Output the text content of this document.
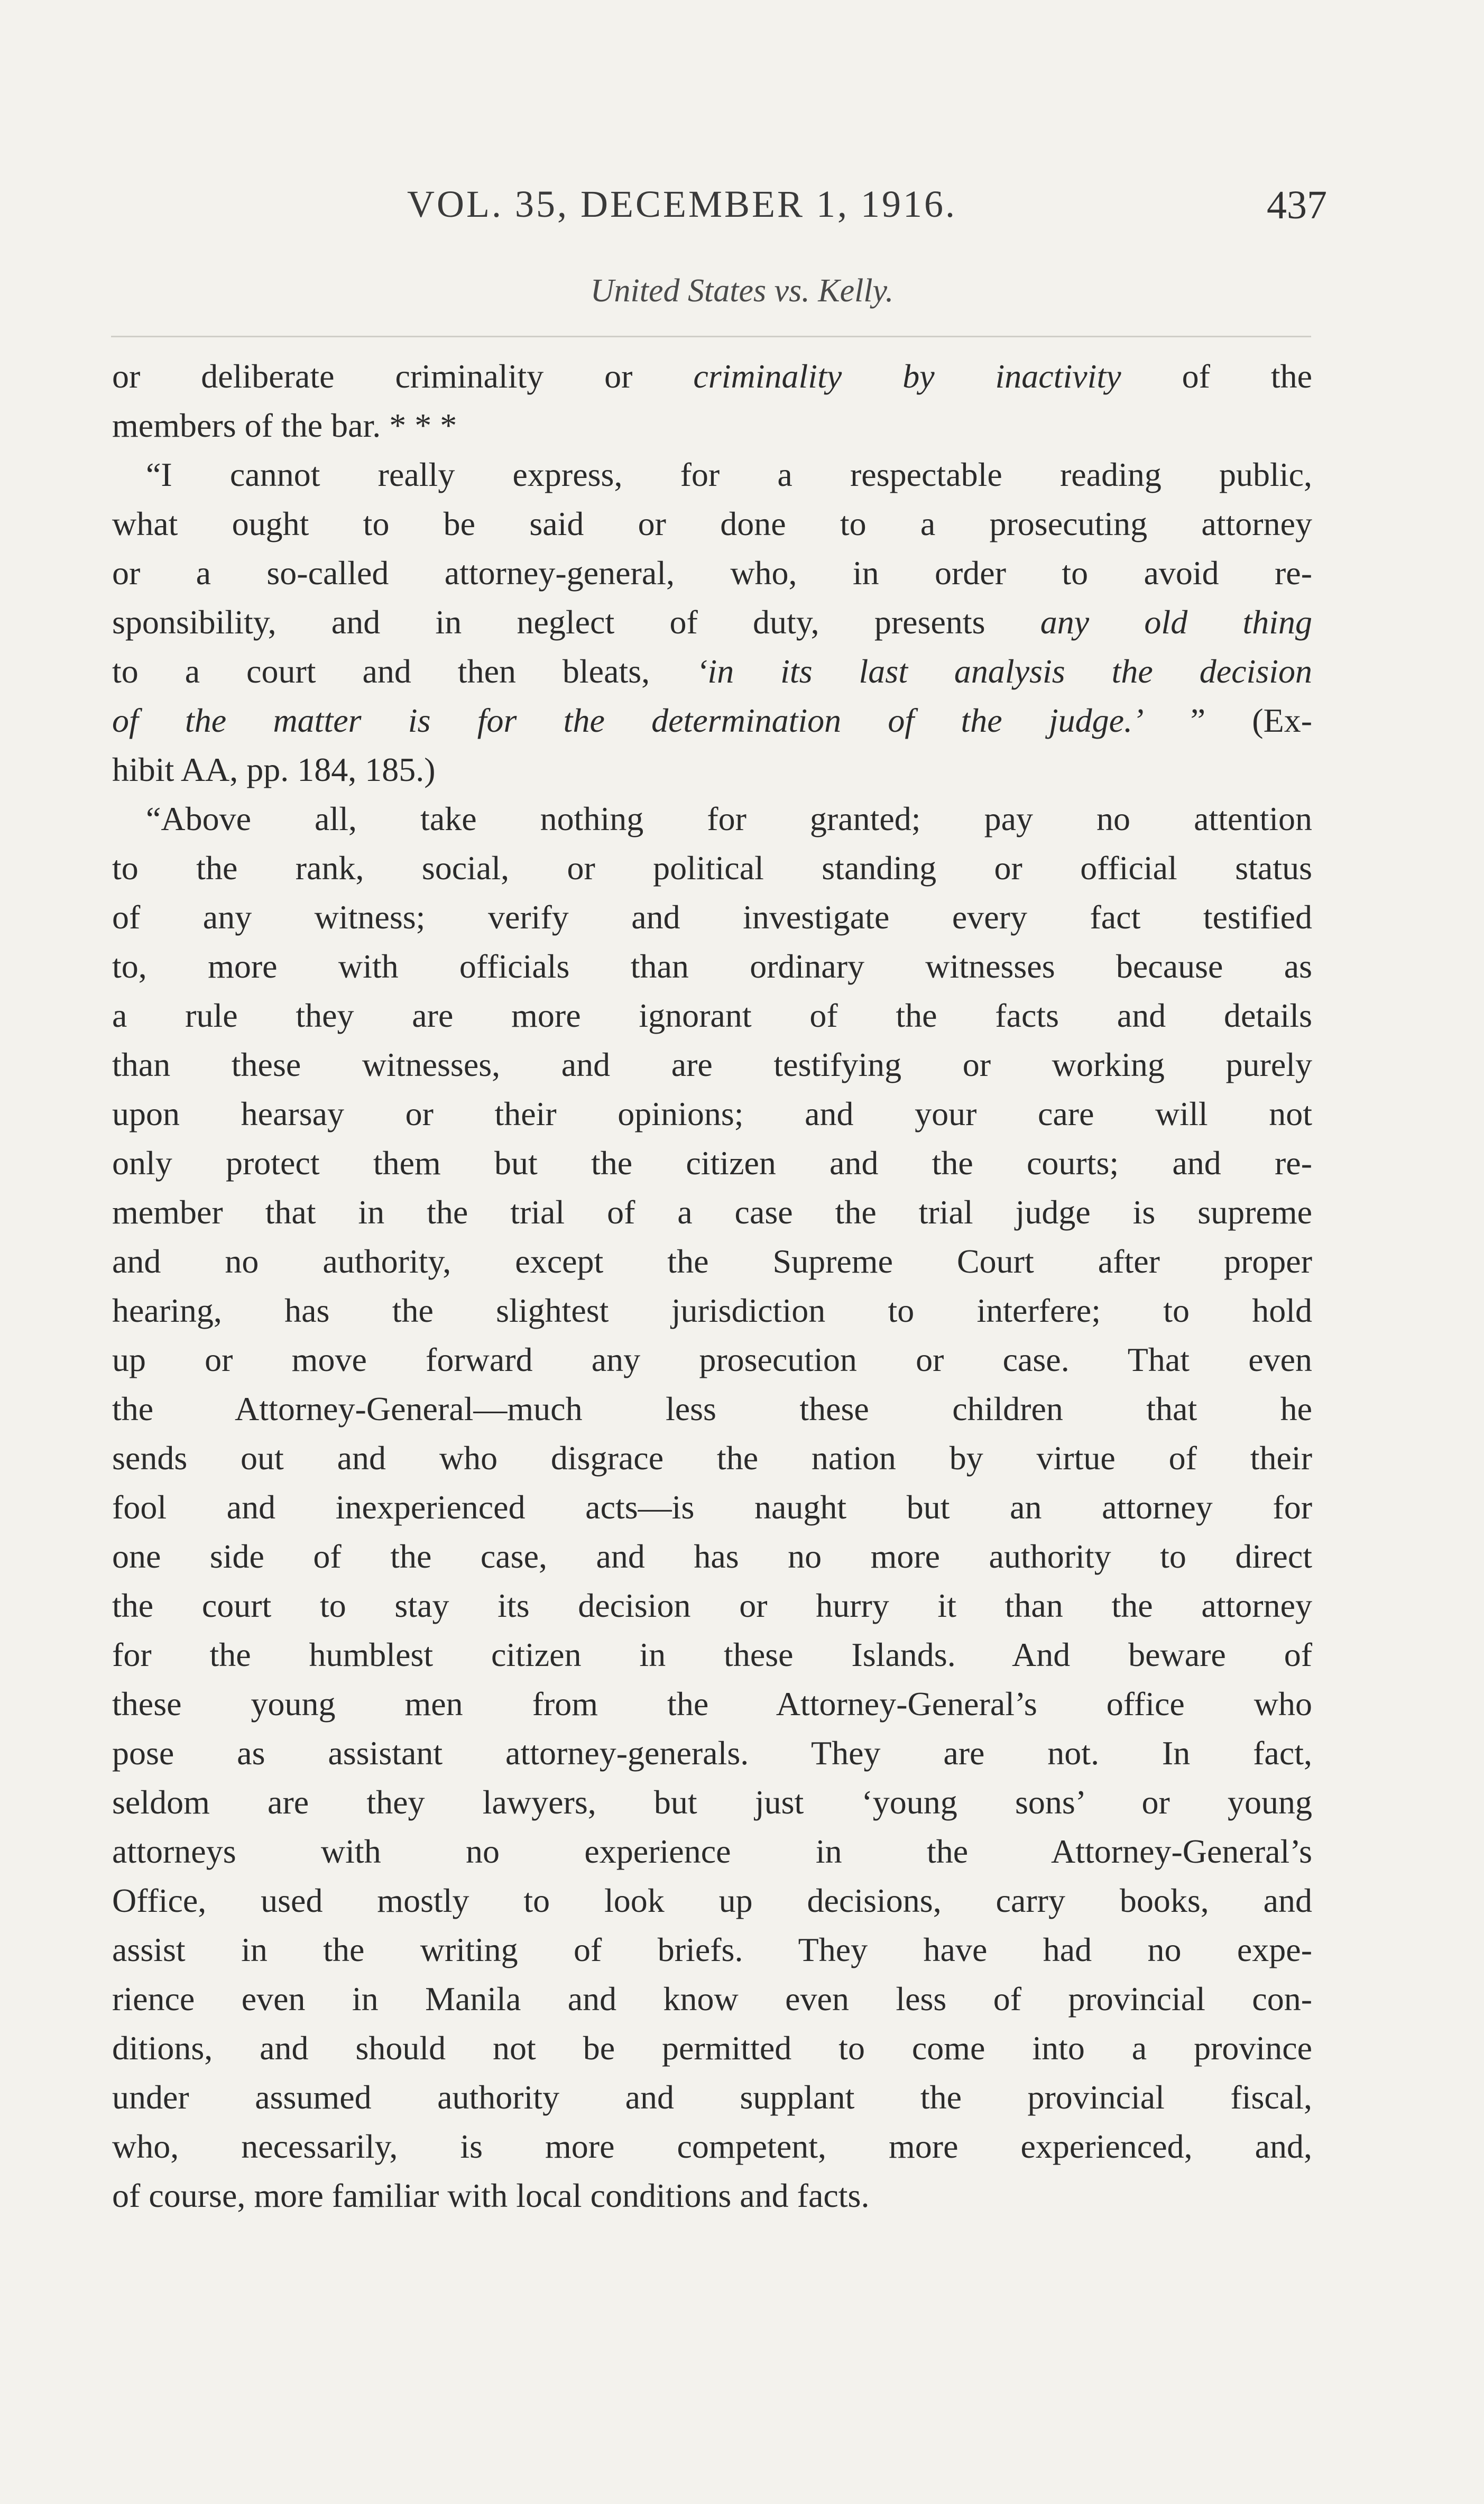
VOL. 35, DECEMBER 1, 1916.	437
United States vs. Kelly.
or deliberate criminality or criminality by inactivity of the
members of the bar. * * *
“I cannot really express, for a respectable reading public,
what ought to be said or done to a prosecuting attorney
or a so-called attorney-general, who, in order to avoid re-
sponsibility, and in neglect of duty, presents any old thing
to a court and then bleats, ‘in its last analysis the decision
of the matter is for the determination of the judge.’ ” (Ex-
hibit AA, pp. 184, 185.)
“Above all, take nothing for granted; pay no attention
to the rank, social, or political standing or official status
of any witness; verify and investigate every fact testified
to, more with officials than ordinary witnesses because as
a rule they are more ignorant of the facts and details
than these witnesses, and are testifying or working purely
upon hearsay or their opinions; and your care will not
only protect them but the citizen and the courts; and re-
member that in the trial of a case the trial judge is supreme
and no authority, except the Supreme Court after proper
hearing, has the slightest jurisdiction to interfere; to hold
up or move forward any prosecution or case. That even
the Attorney-General—much less these children that he
sends out and who disgrace the nation by virtue of their
fool and inexperienced acts—is naught but an attorney for
one side of the case, and has no more authority to direct
the court to stay its decision or hurry it than the attorney
for the humblest citizen in these Islands. And beware of
these young men from the Attorney-General’s office who
pose as assistant attorney-generals. They are not. In fact,
seldom are they lawyers, but just ‘young sons’ or young
attorneys with no experience in the Attorney-General’s
Office, used mostly to look up decisions, carry books, and
assist in the writing of briefs. They have had no expe-
rience even in Manila and know even less of provincial con-
ditions, and should not be permitted to come into a province
under assumed authority and supplant the provincial fiscal,
who, necessarily, is more competent, more experienced, and,
of course, more familiar with local conditions and facts.
